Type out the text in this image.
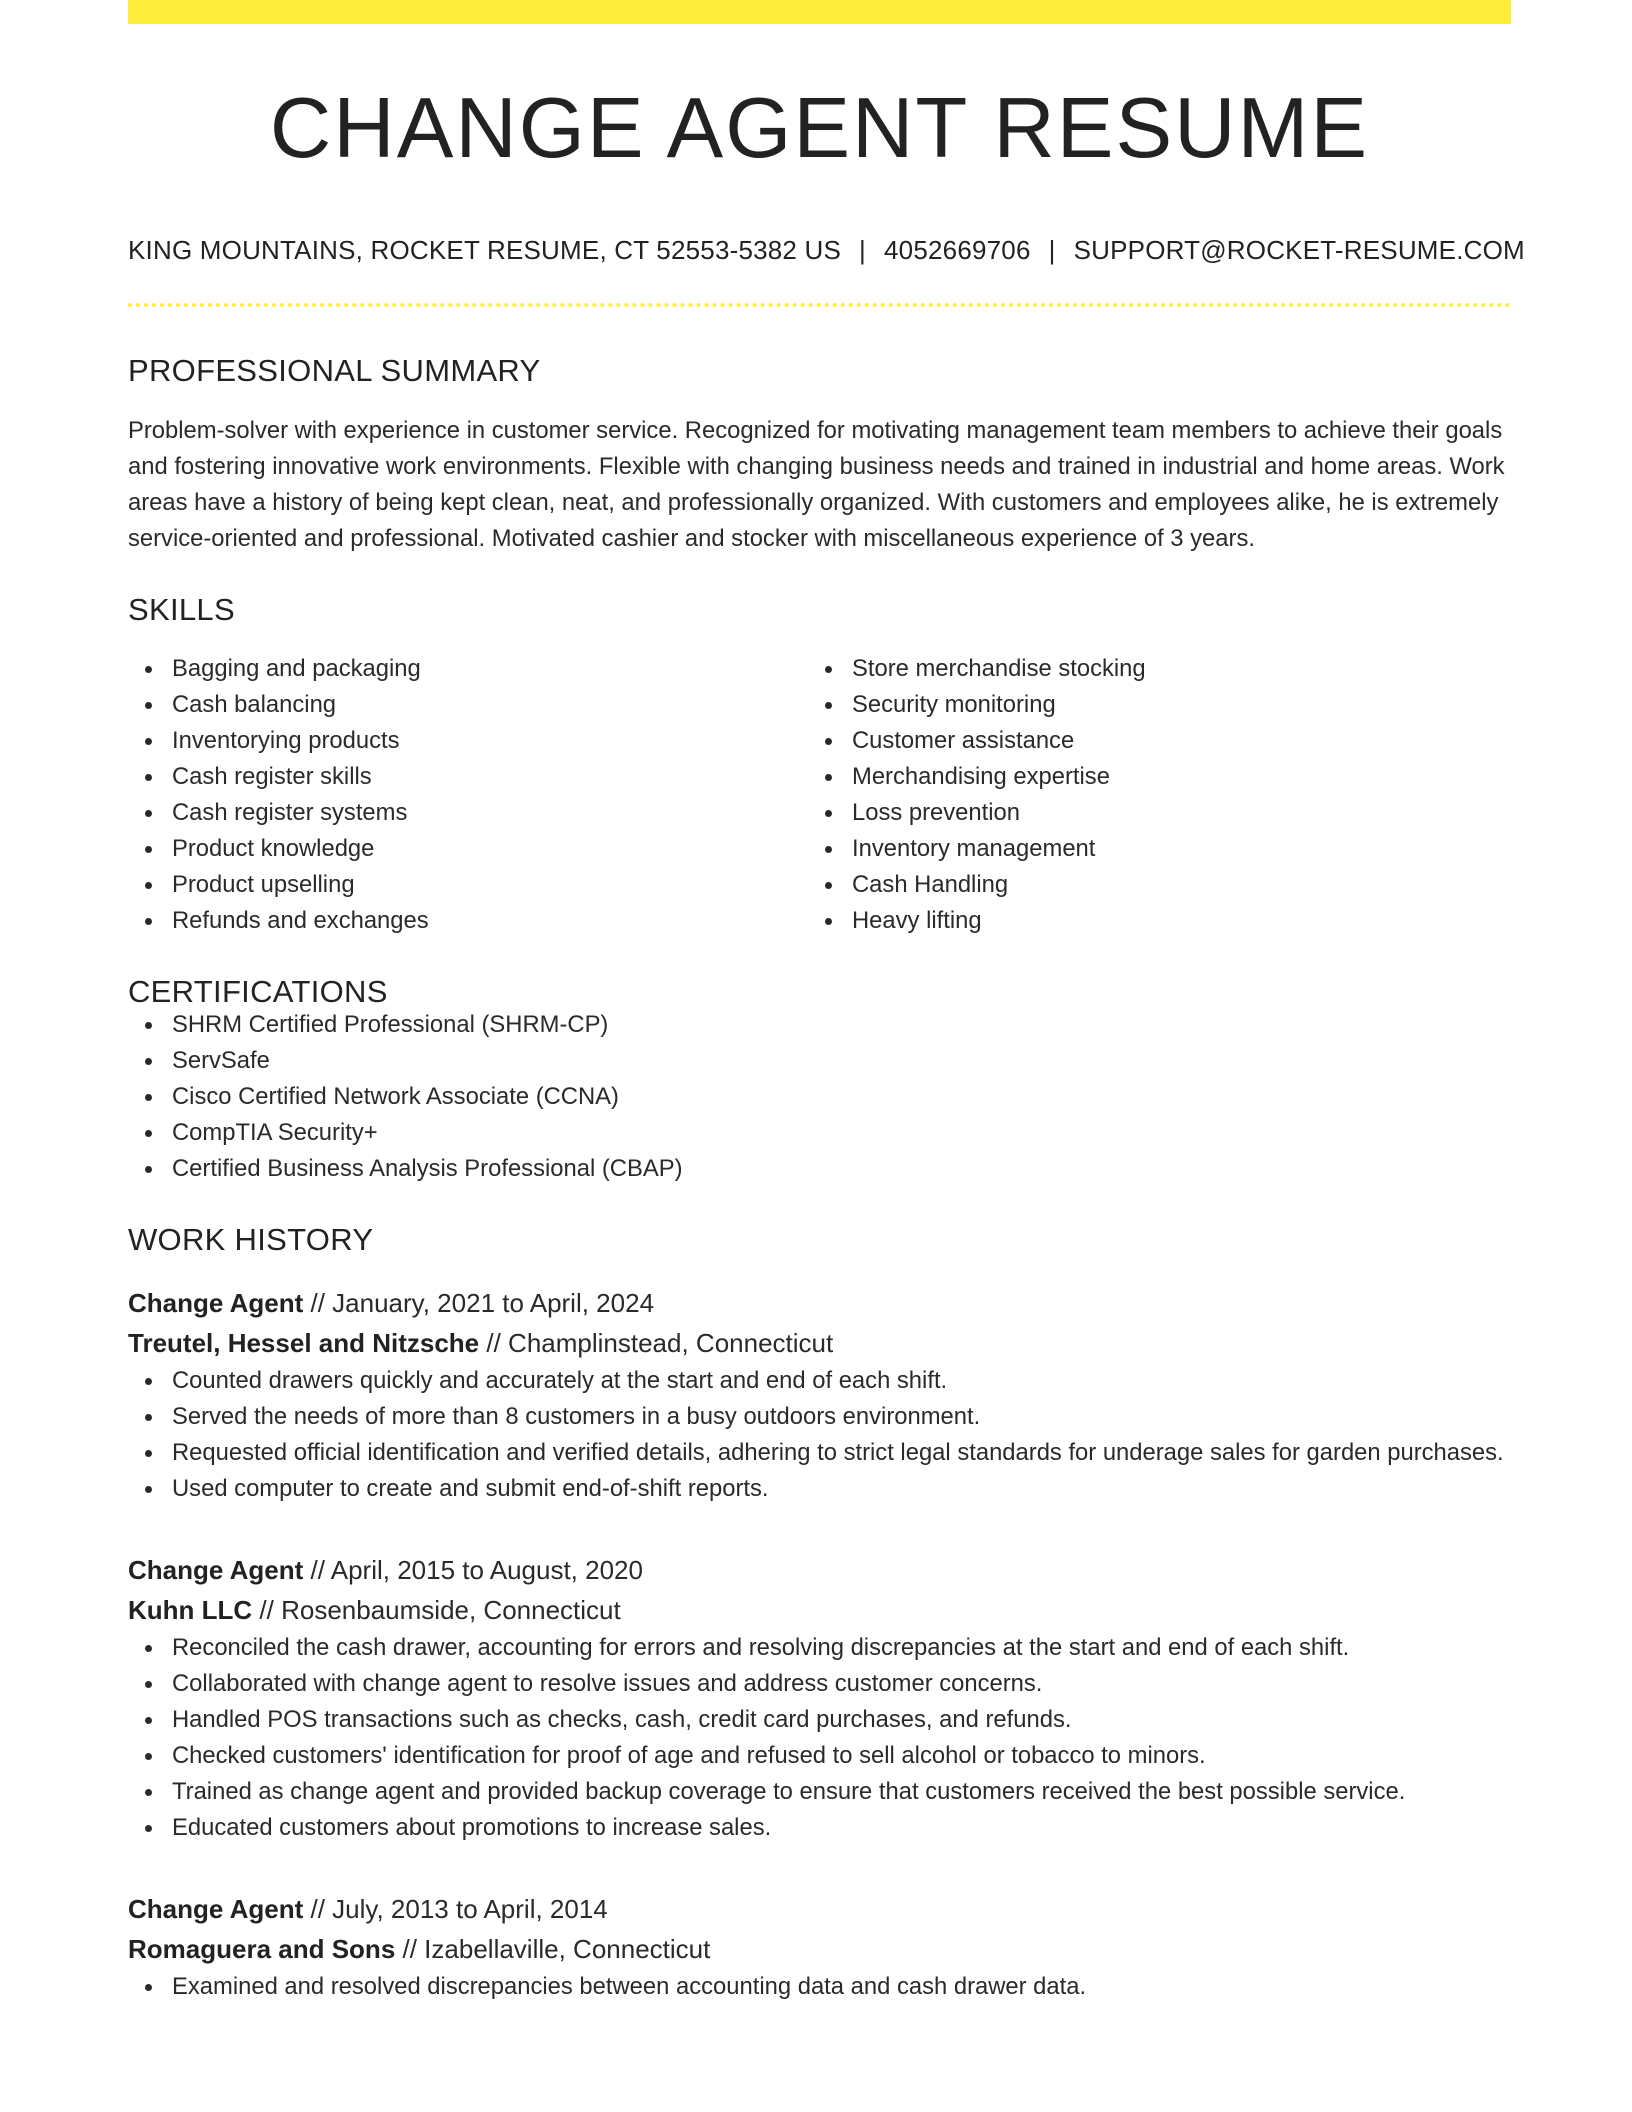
CHANGE AGENT RESUME
KING MOUNTAINS, ROCKET RESUME, CT 52553-5382 US | 4052669706 | SUPPORT@ROCKET-RESUME.COM
PROFESSIONAL SUMMARY

Problem-solver with experience in customer service. Recognized for motivating management team members to achieve their goals and fostering innovative work environments. Flexible with changing business needs and trained in industrial and home areas. Work areas have a history of being kept clean, neat, and professionally organized. With customers and employees alike, he is extremely service-oriented and professional. Motivated cashier and stocker with miscellaneous experience of 3 years.

SKILLS
Bagging and packaging
Cash balancing
Inventorying products
Cash register skills
Cash register systems
Product knowledge
Product upselling
Refunds and exchanges
Store merchandise stocking
Security monitoring
Customer assistance
Merchandising expertise
Loss prevention
Inventory management
Cash Handling
Heavy lifting
CERTIFICATIONS
SHRM Certified Professional (SHRM-CP)
ServSafe
Cisco Certified Network Associate (CCNA)
CompTIA Security+
Certified Business Analysis Professional (CBAP)
WORK HISTORY
Change Agent // January, 2021 to April, 2024
Treutel, Hessel and Nitzsche // Champlinstead, Connecticut
Counted drawers quickly and accurately at the start and end of each shift.
Served the needs of more than 8 customers in a busy outdoors environment.
Requested official identification and verified details, adhering to strict legal standards for underage sales for garden purchases.
Used computer to create and submit end-of-shift reports.
Change Agent // April, 2015 to August, 2020
Kuhn LLC // Rosenbaumside, Connecticut
Reconciled the cash drawer, accounting for errors and resolving discrepancies at the start and end of each shift.
Collaborated with change agent to resolve issues and address customer concerns.
Handled POS transactions such as checks, cash, credit card purchases, and refunds.
Checked customers' identification for proof of age and refused to sell alcohol or tobacco to minors.
Trained as change agent and provided backup coverage to ensure that customers received the best possible service.
Educated customers about promotions to increase sales.
Change Agent // July, 2013 to April, 2014
Romaguera and Sons // Izabellaville, Connecticut
Examined and resolved discrepancies between accounting data and cash drawer data.
